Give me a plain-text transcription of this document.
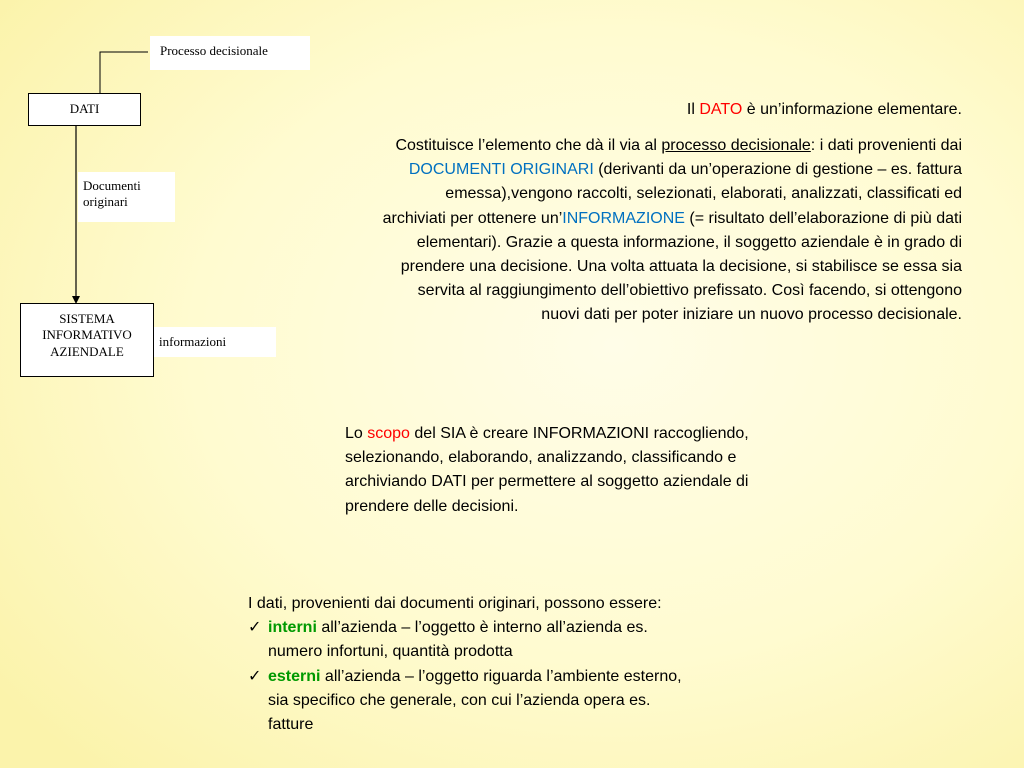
Processo decisionale
DATI
Documenti
originari
SISTEMA
INFORMATIVO
AZIENDALE
informazioni

Il DATO è un’informazione elementare.

Costituisce l’elemento che dà il via al processo decisionale: i dati provenienti dai DOCUMENTI ORIGINARI (derivanti da un’operazione di gestione – es. fattura emessa),vengono raccolti, selezionati, elaborati, analizzati, classificati ed archiviati per ottenere un’INFORMAZIONE (= risultato dell’elaborazione di più dati elementari). Grazie a questa informazione, il soggetto aziendale è in grado di prendere una decisione. Una volta attuata la decisione, si stabilisce se essa sia servita al raggiungimento dell’obiettivo prefissato. Così facendo, si ottengono nuovi dati per poter iniziare un nuovo processo decisionale.

Lo scopo del SIA è creare INFORMAZIONI raccogliendo, selezionando, elaborando, analizzando, classificando e archiviando DATI per permettere al soggetto aziendale di prendere delle decisioni.

I dati, provenienti dai documenti originari, possono essere:
✓ interni all’azienda – l’oggetto è interno all’azienda es.
numero infortuni, quantità prodotta
✓ esterni all’azienda – l’oggetto riguarda l’ambiente esterno,
sia specifico che generale, con cui l’azienda opera es.
fatture
